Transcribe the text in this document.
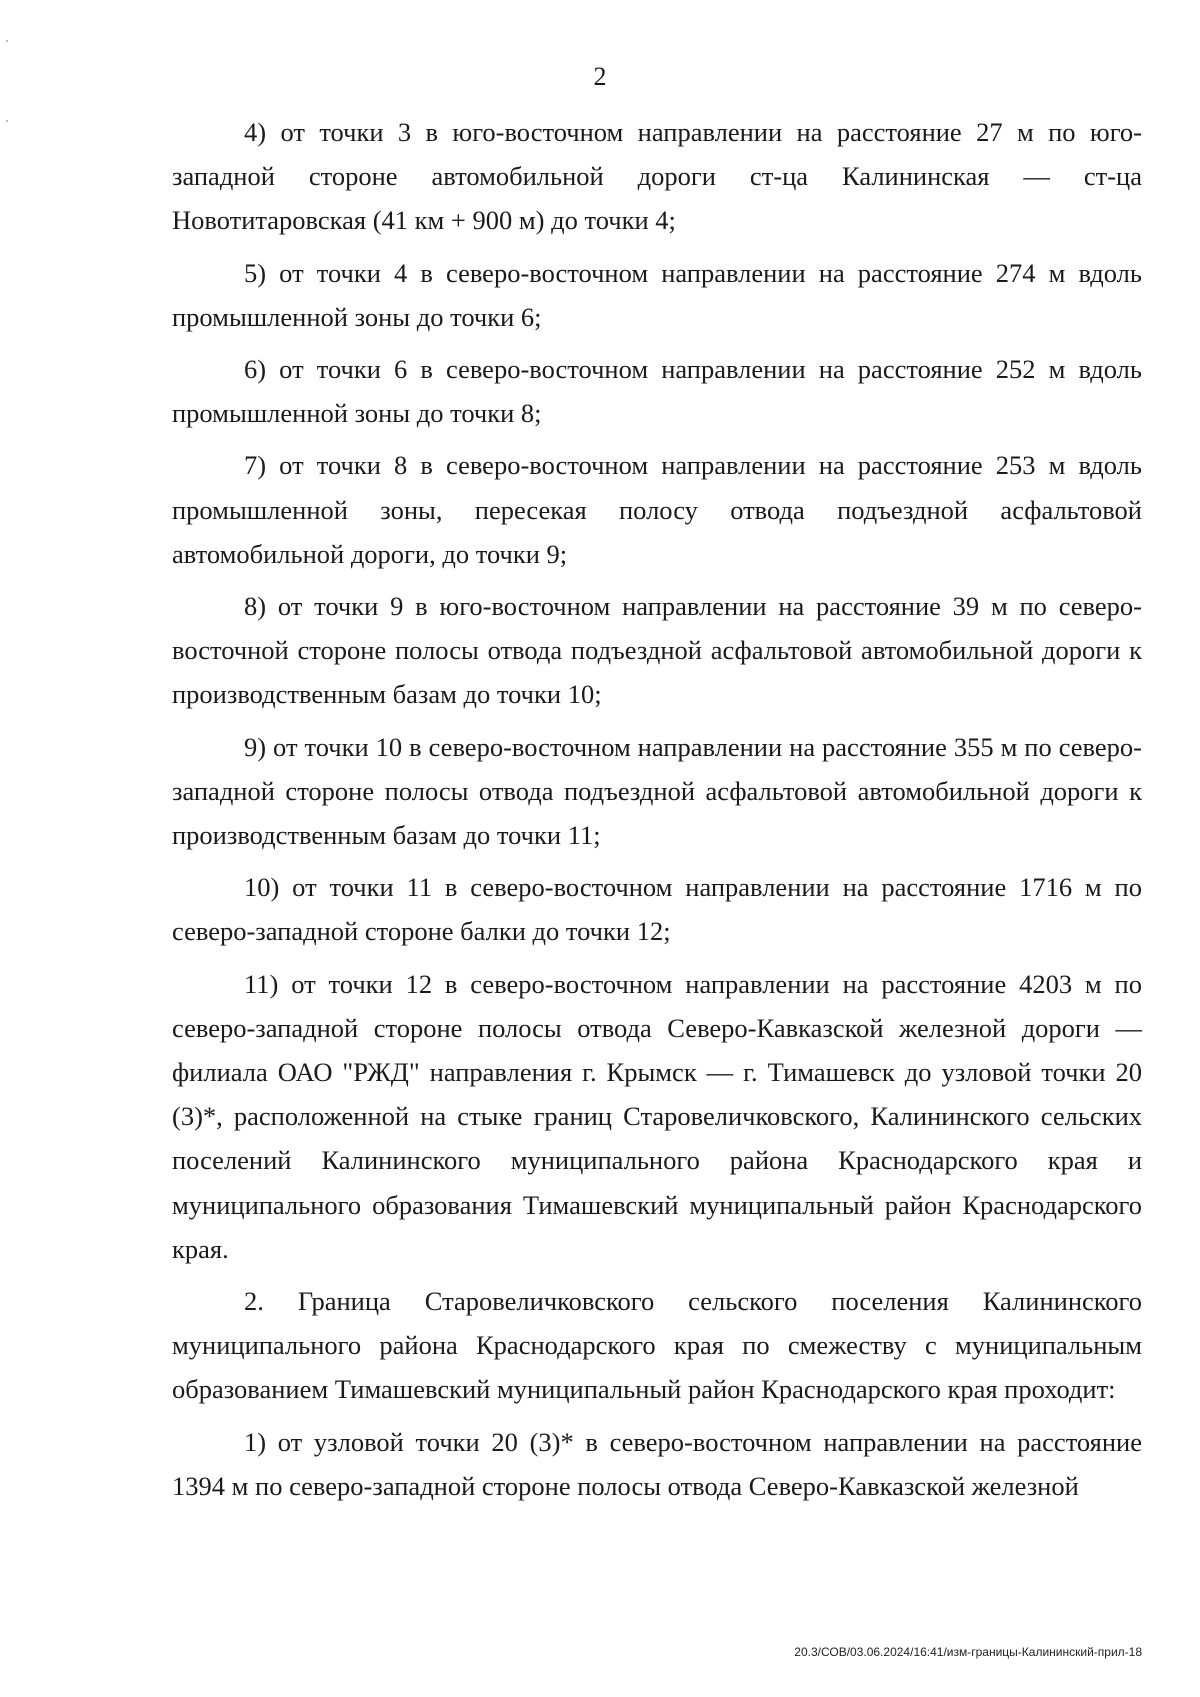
2

4) от точки 3 в юго-восточном направлении на расстояние 27 м по юго-западной стороне автомобильной дороги ст-ца Калининская — ст-ца Новотитаровская (41 км + 900 м) до точки 4;

5) от точки 4 в северо-восточном направлении на расстояние 274 м вдоль промышленной зоны до точки 6;

6) от точки 6 в северо-восточном направлении на расстояние 252 м вдоль промышленной зоны до точки 8;

7) от точки 8 в северо-восточном направлении на расстояние 253 м вдоль промышленной зоны, пересекая полосу отвода подъездной асфальтовой автомобильной дороги, до точки 9;

8) от точки 9 в юго-восточном направлении на расстояние 39 м по северо-восточной стороне полосы отвода подъездной асфальтовой автомобильной дороги к производственным базам до точки 10;

9) от точки 10 в северо-восточном направлении на расстояние 355 м по северо-западной стороне полосы отвода подъездной асфальтовой автомобильной дороги к производственным базам до точки 11;

10) от точки 11 в северо-восточном направлении на расстояние 1716 м по северо-западной стороне балки до точки 12;

11) от точки 12 в северо-восточном направлении на расстояние 4203 м по северо-западной стороне полосы отвода Северо-Кавказской железной дороги — филиала ОАО "РЖД" направления г. Крымск — г. Тимашевск до узловой точки 20 (3)*, расположенной на стыке границ Старовеличковского, Калининского сельских поселений Калининского муниципального района Краснодарского края и муниципального образования Тимашевский муниципальный район Краснодарского края.

2. Граница Старовеличковского сельского поселения Калининского муниципального района Краснодарского края по смежеству с муниципальным образованием Тимашевский муниципальный район Краснодарского края проходит:

1) от узловой точки 20 (3)* в северо-восточном направлении на расстояние 1394 м по северо-западной стороне полосы отвода Северо-Кавказской железной

20.3/СОВ/03.06.2024/16:41/изм-границы-Калининский-прил-18
